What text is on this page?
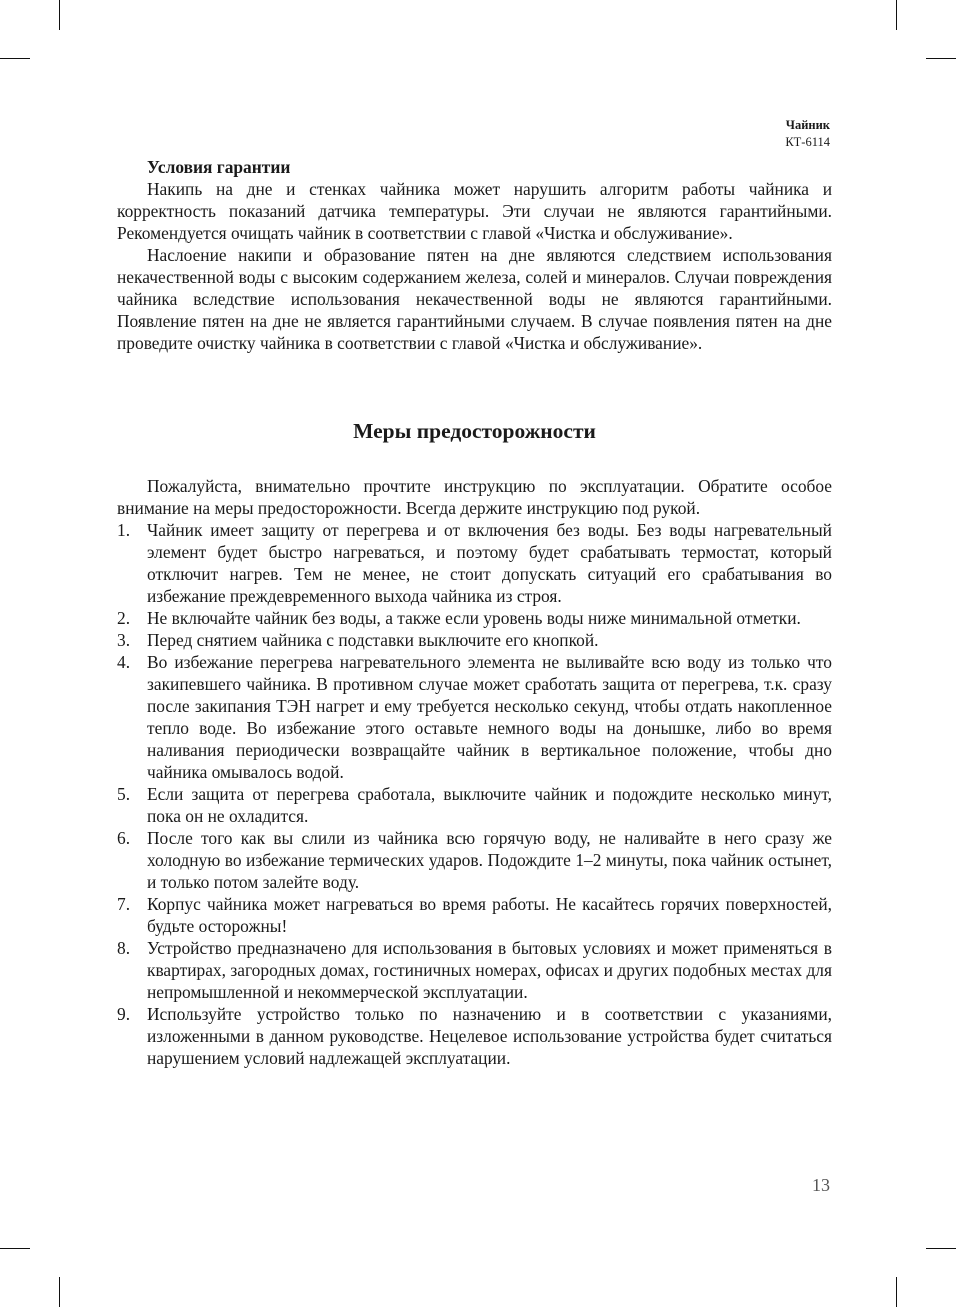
Чайник
КТ-6114
Условия гарантии

Накипь на дне и стенках чайника может нарушить алгоритм работы чайника и корректность показаний датчика температуры. Эти случаи не являются гарантийными. Рекомендуется очищать чайник в соответствии с главой «Чистка и обслуживание».

Наслоение накипи и образование пятен на дне являются следствием использования некачественной воды с высоким содержанием железа, солей и минералов. Случаи повреждения чайника вследствие использования некачественной воды не являются гарантийными. Появление пятен на дне не является гарантийными случаем. В случае появления пятен на дне проведите очистку чайника в соответствии с главой «Чистка и обслуживание».

Меры предосторожности

Пожалуйста, внимательно прочтите инструкцию по эксплуатации. Обратите особое внимание на меры предосторожности. Всегда держите инструкцию под рукой.

1. Чайник имеет защиту от перегрева и от включения без воды. Без воды нагревательный элемент будет быстро нагреваться, и поэтому будет срабатывать термостат, который отключит нагрев. Тем не менее, не стоит допускать ситуаций его срабатывания во избежание преждевременного выхода чайника из строя.
2. Не включайте чайник без воды, а также если уровень воды ниже минимальной отметки.
3. Перед снятием чайника с подставки выключите его кнопкой.
4. Во избежание перегрева нагревательного элемента не выливайте всю воду из только что закипевшего чайника. В противном случае может сработать защита от перегрева, т.к. сразу после закипания ТЭН нагрет и ему требуется несколько секунд, чтобы отдать накопленное тепло воде. Во избежание этого оставьте немного воды на донышке, либо во время наливания периодически возвращайте чайник в вертикальное положение, чтобы дно чайника омывалось водой.
5. Если защита от перегрева сработала, выключите чайник и подождите несколько минут, пока он не охладится.
6. После того как вы слили из чайника всю горячую воду, не наливайте в него сразу же холодную во избежание термических ударов. Подождите 1–2 минуты, пока чайник остынет, и только потом залейте воду.
7. Корпус чайника может нагреваться во время работы. Не касайтесь горячих поверхностей, будьте осторожны!
8. Устройство предназначено для использования в бытовых условиях и может применяться в квартирах, загородных домах, гостиничных номерах, офисах и других подобных местах для непромышленной и некоммерческой эксплуатации.
9. Используйте устройство только по назначению и в соответствии с указаниями, изложенными в данном руководстве. Нецелевое использование устройства будет считаться нарушением условий надлежащей эксплуатации.
13
